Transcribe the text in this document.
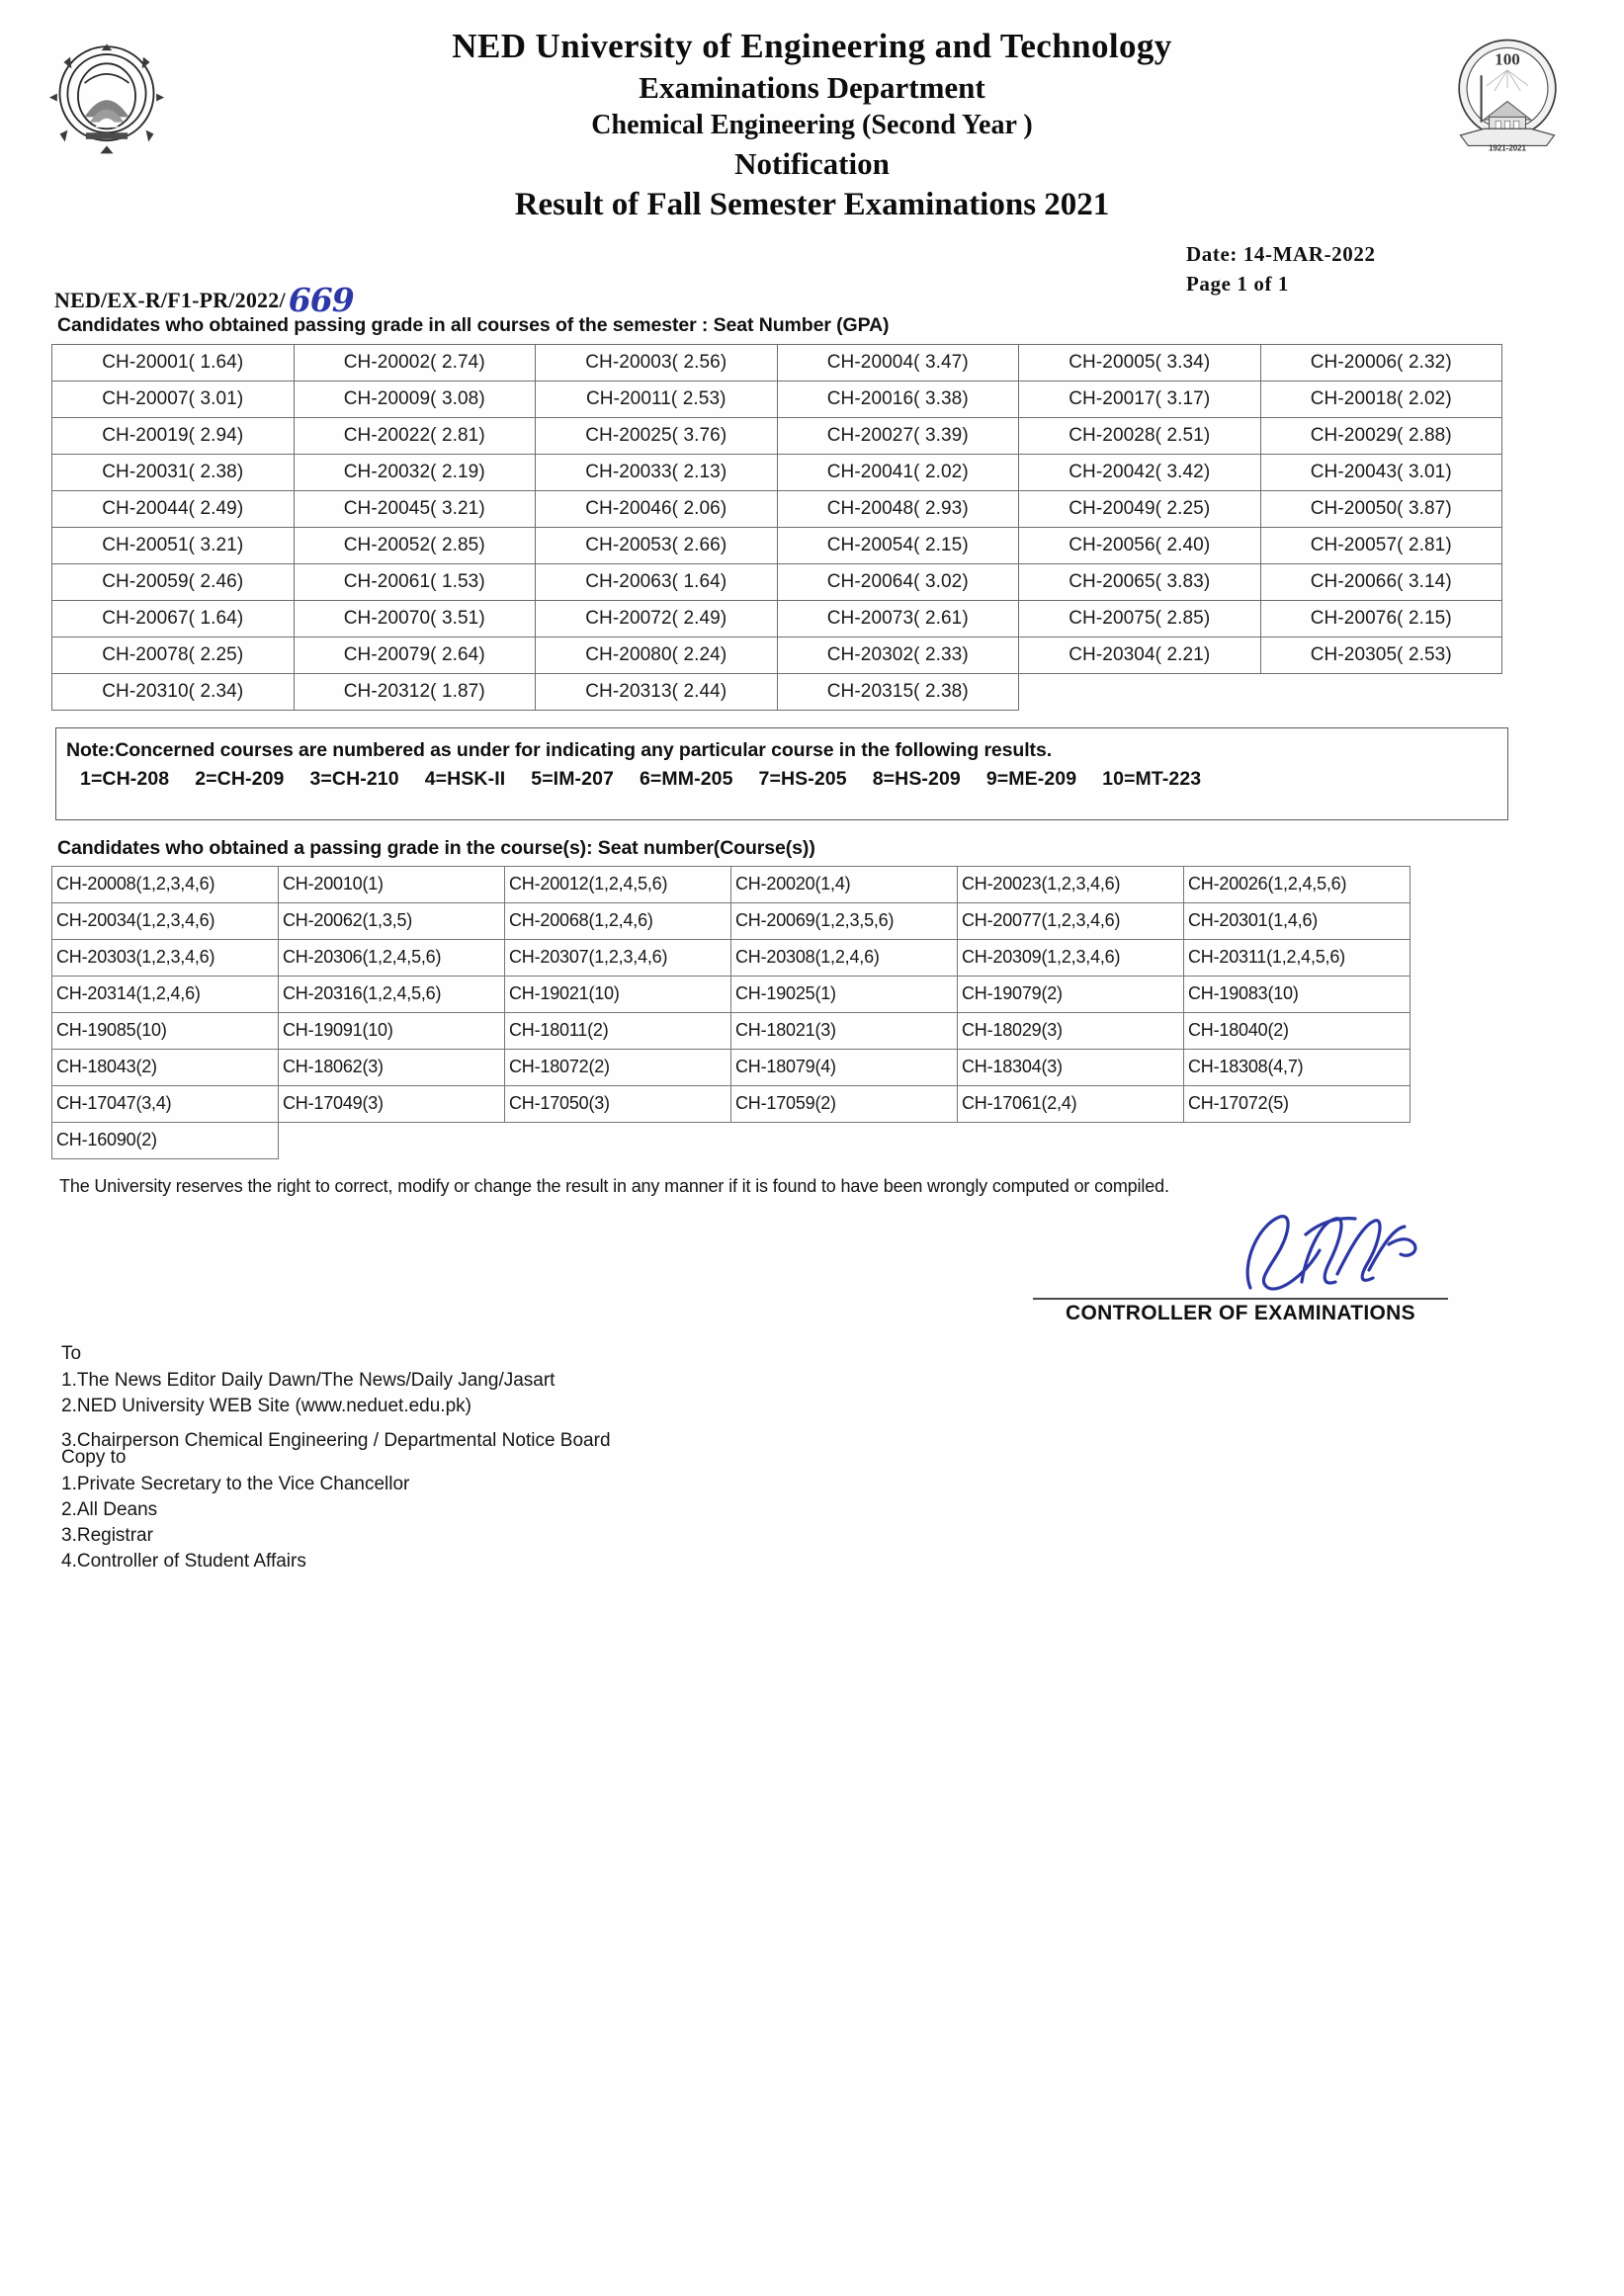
NED University of Engineering and Technology
Examinations Department
Chemical Engineering (Second Year )
Notification
Result of Fall Semester Examinations 2021
100
1921-2021
NED/EX-R/F1-PR/2022/669
Date: 14-MAR-2022
Page 1 of 1
Candidates who obtained passing grade in all courses of the semester : Seat Number (GPA)
CH-20001( 1.64)	CH-20002( 2.74)	CH-20003( 2.56)	CH-20004( 3.47)	CH-20005( 3.34)	CH-20006( 2.32)
CH-20007( 3.01)	CH-20009( 3.08)	CH-20011( 2.53)	CH-20016( 3.38)	CH-20017( 3.17)	CH-20018( 2.02)
CH-20019( 2.94)	CH-20022( 2.81)	CH-20025( 3.76)	CH-20027( 3.39)	CH-20028( 2.51)	CH-20029( 2.88)
CH-20031( 2.38)	CH-20032( 2.19)	CH-20033( 2.13)	CH-20041( 2.02)	CH-20042( 3.42)	CH-20043( 3.01)
CH-20044( 2.49)	CH-20045( 3.21)	CH-20046( 2.06)	CH-20048( 2.93)	CH-20049( 2.25)	CH-20050( 3.87)
CH-20051( 3.21)	CH-20052( 2.85)	CH-20053( 2.66)	CH-20054( 2.15)	CH-20056( 2.40)	CH-20057( 2.81)
CH-20059( 2.46)	CH-20061( 1.53)	CH-20063( 1.64)	CH-20064( 3.02)	CH-20065( 3.83)	CH-20066( 3.14)
CH-20067( 1.64)	CH-20070( 3.51)	CH-20072( 2.49)	CH-20073( 2.61)	CH-20075( 2.85)	CH-20076( 2.15)
CH-20078( 2.25)	CH-20079( 2.64)	CH-20080( 2.24)	CH-20302( 2.33)	CH-20304( 2.21)	CH-20305( 2.53)
CH-20310( 2.34)	CH-20312( 1.87)	CH-20313( 2.44)	CH-20315( 2.38)		
Note:Concerned courses are numbered as under for indicating any particular course in the following results.
1=CH-208 2=CH-209 3=CH-210 4=HSK-II 5=IM-207 6=MM-205 7=HS-205 8=HS-209 9=ME-209 10=MT-223
Candidates who obtained a passing grade in the course(s): Seat number(Course(s))
CH-20008(1,2,3,4,6)	CH-20010(1)	CH-20012(1,2,4,5,6)	CH-20020(1,4)	CH-20023(1,2,3,4,6)	CH-20026(1,2,4,5,6)
CH-20034(1,2,3,4,6)	CH-20062(1,3,5)	CH-20068(1,2,4,6)	CH-20069(1,2,3,5,6)	CH-20077(1,2,3,4,6)	CH-20301(1,4,6)
CH-20303(1,2,3,4,6)	CH-20306(1,2,4,5,6)	CH-20307(1,2,3,4,6)	CH-20308(1,2,4,6)	CH-20309(1,2,3,4,6)	CH-20311(1,2,4,5,6)
CH-20314(1,2,4,6)	CH-20316(1,2,4,5,6)	CH-19021(10)	CH-19025(1)	CH-19079(2)	CH-19083(10)
CH-19085(10)	CH-19091(10)	CH-18011(2)	CH-18021(3)	CH-18029(3)	CH-18040(2)
CH-18043(2)	CH-18062(3)	CH-18072(2)	CH-18079(4)	CH-18304(3)	CH-18308(4,7)
CH-17047(3,4)	CH-17049(3)	CH-17050(3)	CH-17059(2)	CH-17061(2,4)	CH-17072(5)
CH-16090(2)					
The University reserves the right to correct, modify or change the result in any manner if it is found to have been wrongly computed or compiled.
CONTROLLER OF EXAMINATIONS
To
1.The News Editor Daily Dawn/The News/Daily Jang/Jasart
2.NED University WEB Site (www.neduet.edu.pk)
3.Chairperson Chemical Engineering / Departmental Notice Board
Copy to
1.Private Secretary to the Vice Chancellor
2.All Deans
3.Registrar
4.Controller of Student Affairs
